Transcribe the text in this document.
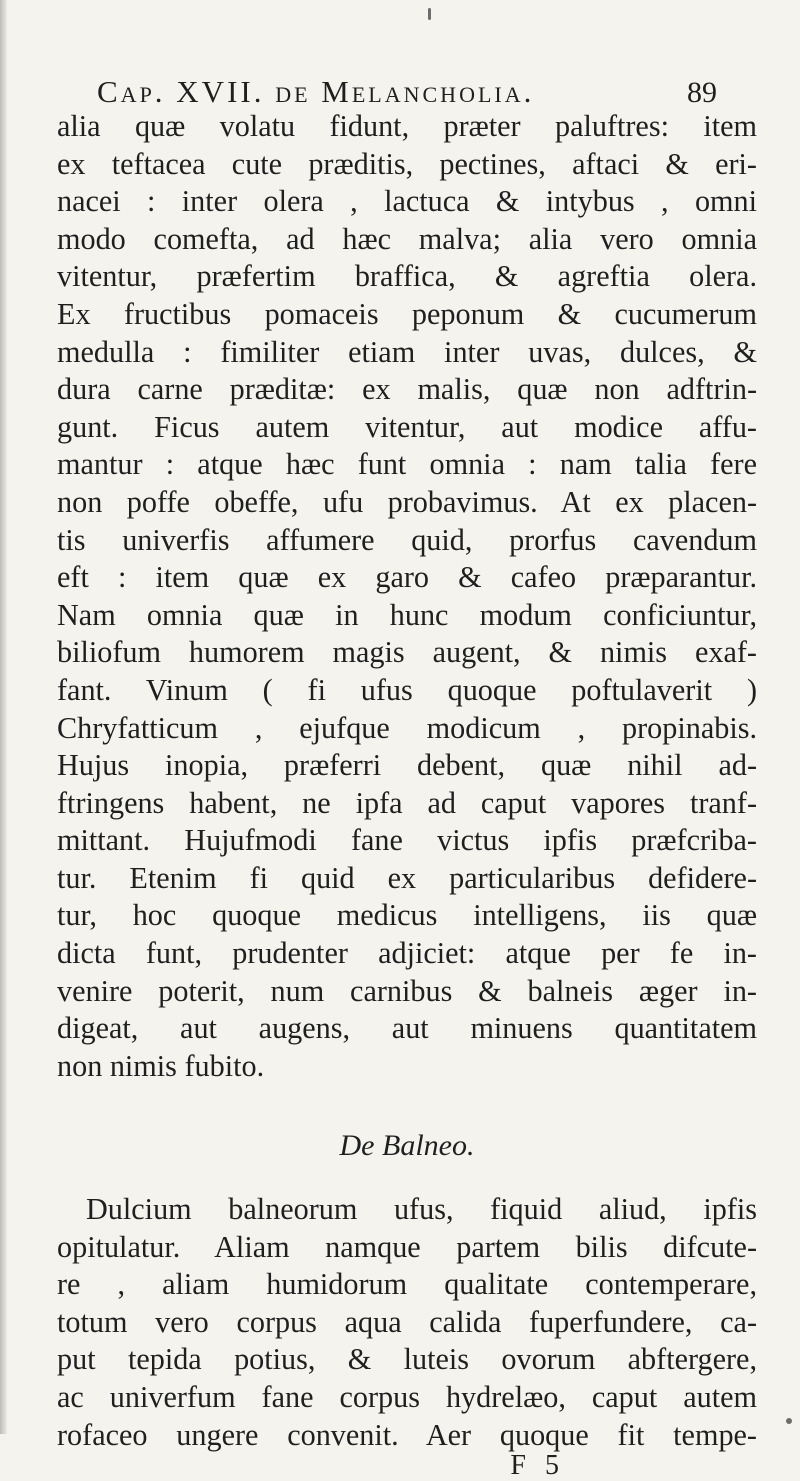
Cap. XVII. de Melancholia.	89
alia quæ volatu fidunt, præter paluftres: item
ex teftacea cute præditis, pectines, aftaci & eri-
nacei : inter olera , lactuca & intybus , omni
modo comefta, ad hæc malva; alia vero omnia
vitentur, præfertim braffica, & agreftia olera.
Ex fructibus pomaceis peponum & cucumerum
medulla : fimiliter etiam inter uvas, dulces, &
dura carne præditæ: ex malis, quæ non adftrin-
gunt. Ficus autem vitentur, aut modice affu-
mantur : atque hæc funt omnia : nam talia fere
non poffe obeffe, ufu probavimus. At ex placen-
tis univerfis affumere quid, prorfus cavendum
eft : item quæ ex garo & cafeo præparantur.
Nam omnia quæ in hunc modum conficiuntur,
biliofum humorem magis augent, & nimis exaf-
fant. Vinum ( fi ufus quoque poftulaverit )
Chryfatticum , ejufque modicum , propinabis.
Hujus inopia, præferri debent, quæ nihil ad-
ftringens habent, ne ipfa ad caput vapores tranf-
mittant. Hujufmodi fane victus ipfis præfcriba-
tur. Etenim fi quid ex particularibus defidere-
tur, hoc quoque medicus intelligens, iis quæ
dicta funt, prudenter adjiciet: atque per fe in-
venire poterit, num carnibus & balneis æger in-
digeat, aut augens, aut minuens quantitatem
non nimis fubito.
De Balneo.
Dulcium balneorum ufus, fiquid aliud, ipfis
opitulatur. Aliam namque partem bilis difcute-
re , aliam humidorum qualitate contemperare,
totum vero corpus aqua calida fuperfundere, ca-
put tepida potius, & luteis ovorum abftergere,
ac univerfum fane corpus hydrelæo, caput autem
rofaceo ungere convenit. Aer quoque fit tempe-
F 5
